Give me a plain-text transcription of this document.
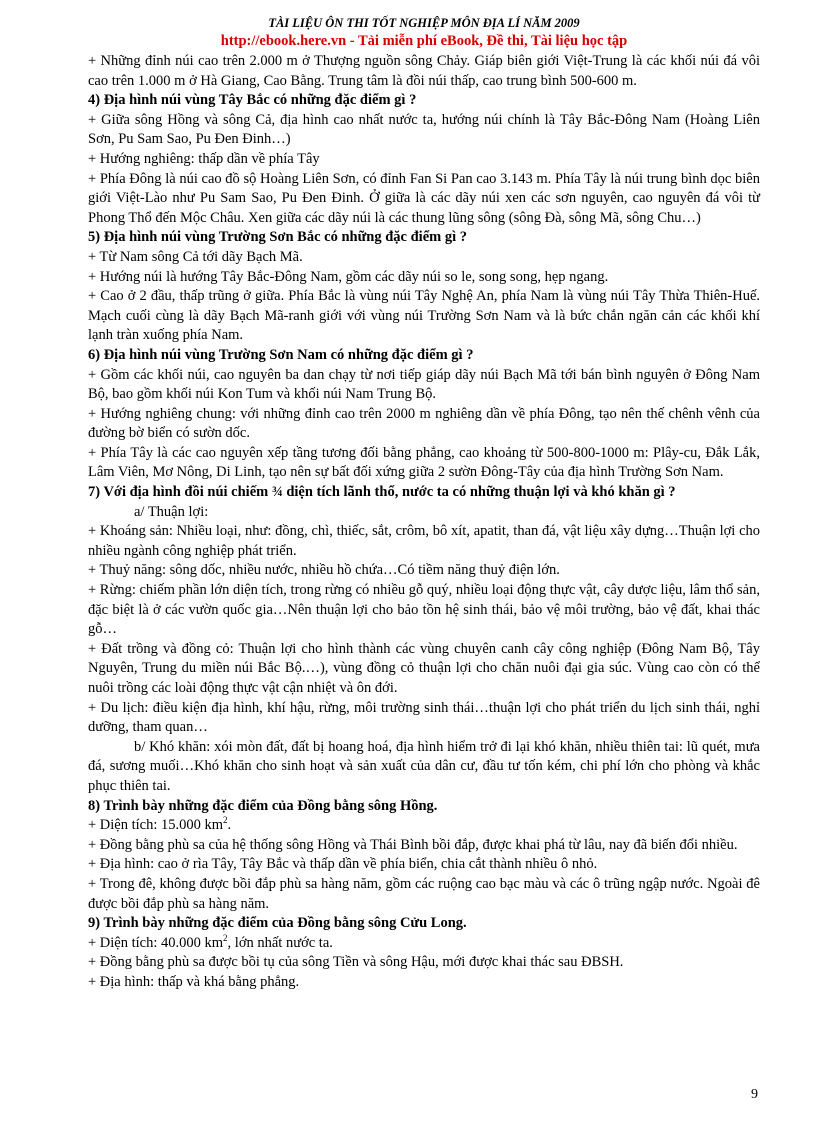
TÀI LIỆU ÔN THI TỐT NGHIỆP MÔN ĐỊA LÍ NĂM 2009
http://ebook.here.vn - Tải miễn phí eBook, Đề thi, Tài liệu học tập

+ Những đỉnh núi cao trên 2.000 m ở Thượng nguồn sông Chảy. Giáp biên giới Việt-Trung là các khối núi đá vôi cao trên 1.000 m ở Hà Giang, Cao Bằng. Trung tâm là đồi núi thấp, cao trung bình 500-600 m.

4) Địa hình núi vùng Tây Bắc có những đặc điểm gì ?

+ Giữa sông Hồng và sông Cả, địa hình cao nhất nước ta, hướng núi chính là Tây Bắc-Đông Nam (Hoàng Liên Sơn, Pu Sam Sao, Pu Đen Đinh…)

+ Hướng nghiêng: thấp dần về phía Tây

+ Phía Đông là núi cao đồ sộ Hoàng Liên Sơn, có đỉnh Fan Si Pan cao 3.143 m. Phía Tây là núi trung bình dọc biên giới Việt-Lào như Pu Sam Sao, Pu Đen Đinh. Ở giữa là các dãy núi xen các sơn nguyên, cao nguyên đá vôi từ Phong Thổ đến Mộc Châu. Xen giữa các dãy núi là các thung lũng sông (sông Đà, sông Mã, sông Chu…)

5) Địa hình núi vùng Trường Sơn Bắc có những đặc điểm gì ?

+ Từ Nam sông Cả tới dãy Bạch Mã.

+ Hướng núi là hướng Tây Bắc-Đông Nam, gồm các dãy núi so le, song song, hẹp ngang.

+ Cao ở 2 đầu, thấp trũng ở giữa. Phía Bắc là vùng núi Tây Nghệ An, phía Nam là vùng núi Tây Thừa Thiên-Huế. Mạch cuối cùng là dãy Bạch Mã-ranh giới với vùng núi Trường Sơn Nam và là bức chắn ngăn cản các khối khí lạnh tràn xuống phía Nam.

6) Địa hình núi vùng Trường Sơn Nam có những đặc điểm gì ?

+ Gồm các khối núi, cao nguyên ba dan chạy từ nơi tiếp giáp dãy núi Bạch Mã tới bán bình nguyên ở Đông Nam Bộ, bao gồm khối núi Kon Tum và khối núi Nam Trung Bộ.

+ Hướng nghiêng chung: với những đỉnh cao trên 2000 m nghiêng dần về phía Đông, tạo nên thế chênh vênh của đường bờ biển có sườn dốc.

+ Phía Tây là các cao nguyên xếp tầng tương đối bằng phẳng, cao khoảng từ 500-800-1000 m: Plây-cu, Đắk Lắk, Lâm Viên, Mơ Nông, Di Linh, tạo nên sự bất đối xứng giữa 2 sườn Đông-Tây của địa hình Trường Sơn Nam.

7) Với địa hình đồi núi chiếm ¾ diện tích lãnh thổ, nước ta có những thuận lợi và khó khăn gì ?

a/ Thuận lợi:

+ Khoáng sản: Nhiều loại, như: đồng, chì, thiếc, sắt, crôm, bô xít, apatit, than đá, vật liệu xây dựng…Thuận lợi cho nhiều ngành công nghiệp phát triển.

+ Thuỷ năng: sông dốc, nhiều nước, nhiều hồ chứa…Có tiềm năng thuỷ điện lớn.

+ Rừng: chiếm phần lớn diện tích, trong rừng có nhiều gỗ quý, nhiều loại động thực vật, cây dược liệu, lâm thổ sản, đặc biệt là ở các vườn quốc gia…Nên thuận lợi cho bảo tồn hệ sinh thái, bảo vệ môi trường, bảo vệ đất, khai thác gỗ…

+ Đất trồng và đồng cỏ: Thuận lợi cho hình thành các vùng chuyên canh cây công nghiệp (Đông Nam Bộ, Tây Nguyên, Trung du miền núi Bắc Bộ.…), vùng đồng cỏ thuận lợi cho chăn nuôi đại gia súc. Vùng cao còn có thể nuôi trồng các loài động thực vật cận nhiệt và ôn đới.

+ Du lịch: điều kiện địa hình, khí hậu, rừng, môi trường sinh thái…thuận lợi cho phát triển du lịch sinh thái, nghỉ dưỡng, tham quan…

b/ Khó khăn: xói mòn đất, đất bị hoang hoá, địa hình hiểm trở đi lại khó khăn, nhiều thiên tai: lũ quét, mưa đá, sương muối…Khó khăn cho sinh hoạt và sản xuất của dân cư, đầu tư tốn kém, chi phí lớn cho phòng và khắc phục thiên tai.

8) Trình bày những đặc điểm của Đồng bằng sông Hồng.

+ Diện tích: 15.000 $km^2$.

+ Đồng bằng phù sa của hệ thống sông Hồng và Thái Bình bồi đắp, được khai phá từ lâu, nay đã biến đổi nhiều.

+ Địa hình: cao ở rìa Tây, Tây Bắc và thấp dần về phía biển, chia cắt thành nhiều ô nhỏ.

+ Trong đê, không được bồi đắp phù sa hàng năm, gồm các ruộng cao bạc màu và các ô trũng ngập nước. Ngoài đê được bồi đắp phù sa hàng năm.

9) Trình bày những đặc điểm của Đồng bằng sông Cửu Long.

+ Diện tích: 40.000 $km^2$, lớn nhất nước ta.

+ Đồng bằng phù sa được bồi tụ của sông Tiền và sông Hậu, mới được khai thác sau ĐBSH.

+ Địa hình: thấp và khá bằng phẳng.

9
